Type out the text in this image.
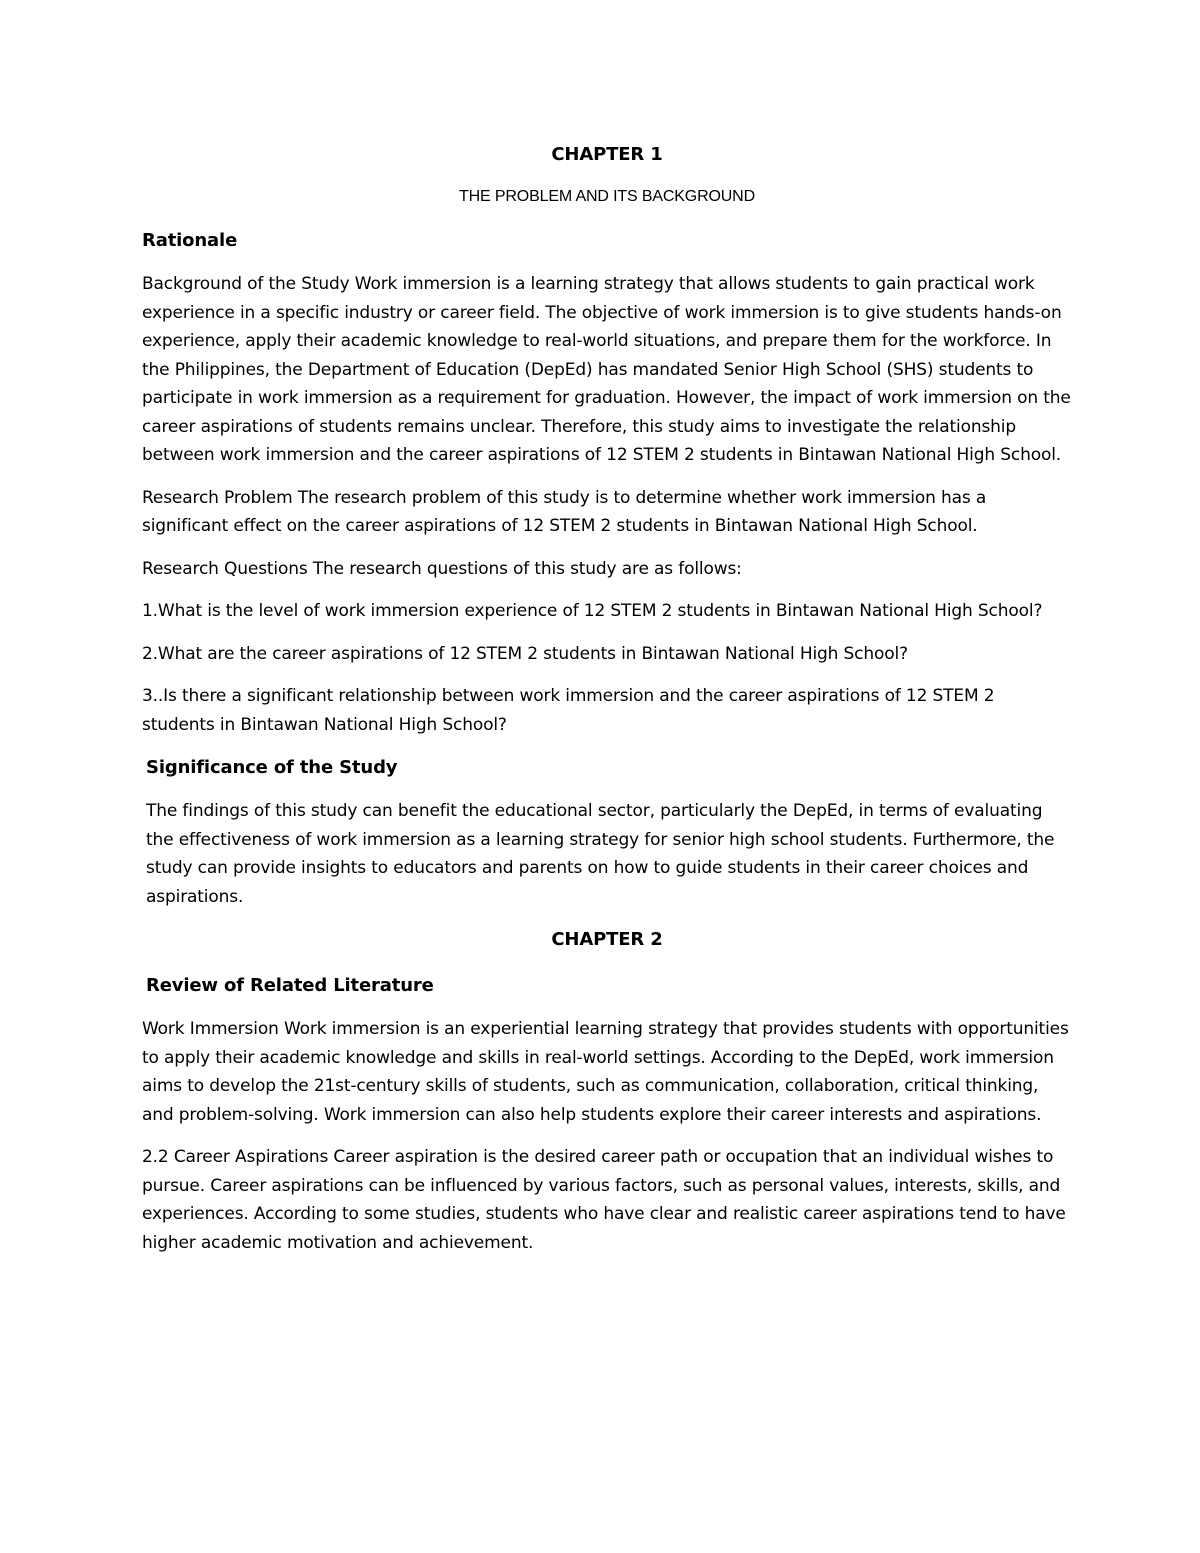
CHAPTER 1

THE PROBLEM AND ITS BACKGROUND

Rationale

Background of the Study Work immersion is a learning strategy that allows students to gain practical work experience in a specific industry or career field. The objective of work immersion is to give students hands-on experience, apply their academic knowledge to real-world situations, and prepare them for the workforce. In the Philippines, the Department of Education (DepEd) has mandated Senior High School (SHS) students to participate in work immersion as a requirement for graduation. However, the impact of work immersion on the career aspirations of students remains unclear. Therefore, this study aims to investigate the relationship between work immersion and the career aspirations of 12 STEM 2 students in Bintawan National High School.

Research Problem The research problem of this study is to determine whether work immersion has a significant effect on the career aspirations of 12 STEM 2 students in Bintawan National High School.

Research Questions The research questions of this study are as follows:

1.What is the level of work immersion experience of 12 STEM 2 students in Bintawan National High School?

2.What are the career aspirations of 12 STEM 2 students in Bintawan National High School?

3..Is there a significant relationship between work immersion and the career aspirations of 12 STEM 2 students in Bintawan National High School?

Significance of the Study

The findings of this study can benefit the educational sector, particularly the DepEd, in terms of evaluating the effectiveness of work immersion as a learning strategy for senior high school students. Furthermore, the study can provide insights to educators and parents on how to guide students in their career choices and aspirations.

CHAPTER 2

Review of Related Literature

Work Immersion Work immersion is an experiential learning strategy that provides students with opportunities to apply their academic knowledge and skills in real-world settings. According to the DepEd, work immersion aims to develop the 21st-century skills of students, such as communication, collaboration, critical thinking, and problem-solving. Work immersion can also help students explore their career interests and aspirations.

2.2 Career Aspirations Career aspiration is the desired career path or occupation that an individual wishes to pursue. Career aspirations can be influenced by various factors, such as personal values, interests, skills, and experiences. According to some studies, students who have clear and realistic career aspirations tend to have higher academic motivation and achievement.
